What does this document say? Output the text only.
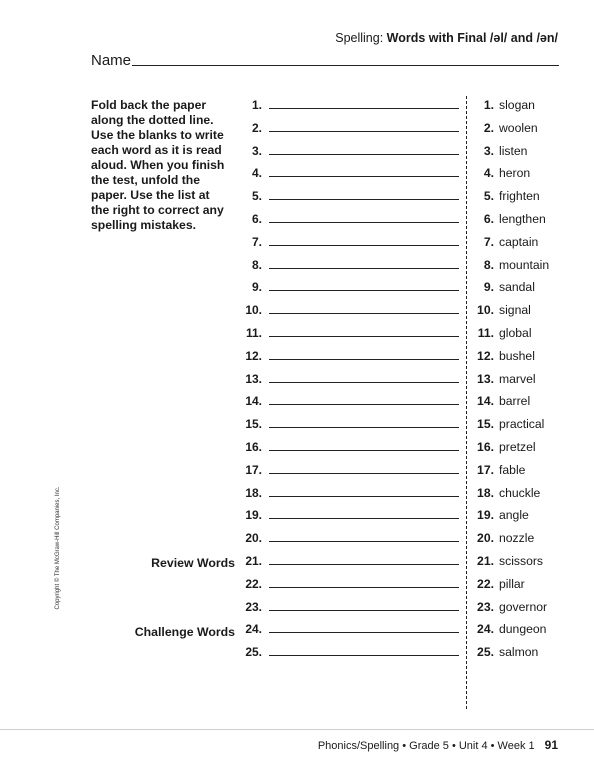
Spelling: Words with Final /əl/ and /ən/
Name
Fold back the paper along the dotted line. Use the blanks to write each word as it is read aloud. When you finish the test, unfold the paper. Use the list at the right to correct any spelling mistakes.
Review Words
Challenge Words
1.
2.
3.
4.
5.
6.
7.
8.
9.
10.
11.
12.
13.
14.
15.
16.
17.
18.
19.
20.
21.
22.
23.
24.
25.
1. slogan
2. woolen
3. listen
4. heron
5. frighten
6. lengthen
7. captain
8. mountain
9. sandal
10. signal
11. global
12. bushel
13. marvel
14. barrel
15. practical
16. pretzel
17. fable
18. chuckle
19. angle
20. nozzle
21. scissors
22. pillar
23. governor
24. dungeon
25. salmon
Copyright © The McGraw-Hill Companies, Inc.
Phonics/Spelling • Grade 5 • Unit 4 • Week 1 91
